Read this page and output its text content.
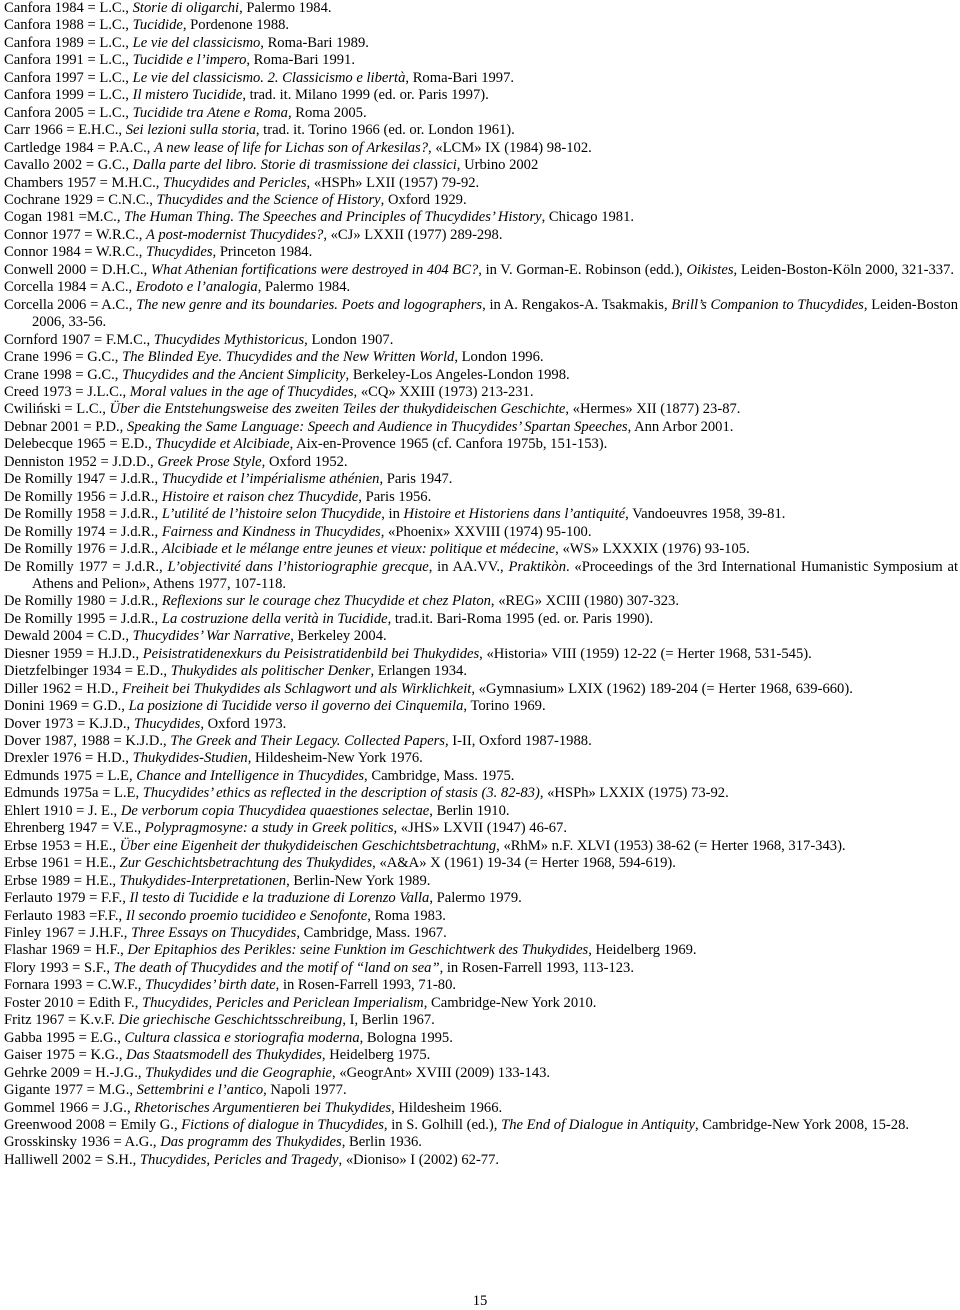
Canfora 1984 = L.C., Storie di oligarchi, Palermo 1984.

Canfora 1988 = L.C., Tucidide, Pordenone 1988.

Canfora 1989 = L.C., Le vie del classicismo, Roma-Bari 1989.

Canfora 1991 = L.C., Tucidide e l’impero, Roma-Bari 1991.

Canfora 1997 = L.C., Le vie del classicismo. 2. Classicismo e libertà, Roma-Bari 1997.

Canfora 1999 = L.C., Il mistero Tucidide, trad. it. Milano 1999 (ed. or. Paris 1997).

Canfora 2005 = L.C., Tucidide tra Atene e Roma, Roma 2005.

Carr 1966 = E.H.C., Sei lezioni sulla storia, trad. it. Torino 1966 (ed. or. London 1961).

Cartledge 1984 = P.A.C., A new lease of life for Lichas son of Arkesilas?, «LCM» IX (1984) 98-102.

Cavallo 2002 = G.C., Dalla parte del libro. Storie di trasmissione dei classici, Urbino 2002

Chambers 1957 = M.H.C., Thucydides and Pericles, «HSPh» LXII (1957) 79-92.

Cochrane 1929 = C.N.C., Thucydides and the Science of History, Oxford 1929.

Cogan 1981 =M.C., The Human Thing. The Speeches and Principles of Thucydides’ History, Chicago 1981.

Connor 1977 = W.R.C., A post-modernist Thucydides?, «CJ» LXXII (1977) 289-298.

Connor 1984 = W.R.C., Thucydides, Princeton 1984.

Conwell 2000 = D.H.C., What Athenian fortifications were destroyed in 404 BC?, in V. Gorman-E. Robinson (edd.), Oikistes, Leiden-Boston-Köln 2000, 321-337.

Corcella 1984 = A.C., Erodoto e l’analogia, Palermo 1984.

Corcella 2006 = A.C., The new genre and its boundaries. Poets and logographers, in A. Rengakos-A. Tsakmakis, Brill’s Companion to Thucydides, Leiden-Boston 2006, 33-56.

Cornford 1907 = F.M.C., Thucydides Mythistoricus, London 1907.

Crane 1996 = G.C., The Blinded Eye. Thucydides and the New Written World, London 1996.

Crane 1998 = G.C., Thucydides and the Ancient Simplicity, Berkeley-Los Angeles-London 1998.

Creed 1973 = J.L.C., Moral values in the age of Thucydides, «CQ» XXIII (1973) 213-231.

Cwiliński = L.C., Über die Entstehungsweise des zweiten Teiles der thukydideischen Geschichte, «Hermes» XII (1877) 23-87.

Debnar 2001 = P.D., Speaking the Same Language: Speech and Audience in Thucydides’ Spartan Speeches, Ann Arbor 2001.

Delebecque 1965 = E.D., Thucydide et Alcibiade, Aix-en-Provence 1965 (cf. Canfora 1975b, 151-153).

Denniston 1952 = J.D.D., Greek Prose Style, Oxford 1952.

De Romilly 1947 = J.d.R., Thucydide et l’impérialisme athénien, Paris 1947.

De Romilly 1956 = J.d.R., Histoire et raison chez Thucydide, Paris 1956.

De Romilly 1958 = J.d.R., L’utilité de l’histoire selon Thucydide, in Histoire et Historiens dans l’antiquité, Vandoeuvres 1958, 39-81.

De Romilly 1974 = J.d.R., Fairness and Kindness in Thucydides, «Phoenix» XXVIII (1974) 95-100.

De Romilly 1976 = J.d.R., Alcibiade et le mélange entre jeunes et vieux: politique et médecine, «WS» LXXXIX (1976) 93-105.

De Romilly 1977 = J.d.R., L’objectivité dans l’historiographie grecque, in AA.VV., Praktikòn. «Proceedings of the 3rd International Humanistic Symposium at Athens and Pelion», Athens 1977, 107-118.

De Romilly 1980 = J.d.R., Reflexions sur le courage chez Thucydide et chez Platon, «REG» XCIII (1980) 307-323.

De Romilly 1995 = J.d.R., La costruzione della verità in Tucidide, trad.it. Bari-Roma 1995 (ed. or. Paris 1990).

Dewald 2004 = C.D., Thucydides’ War Narrative, Berkeley 2004.

Diesner 1959 = H.J.D., Peisistratidenexkurs du Peisistratidenbild bei Thukydides, «Historia» VIII (1959) 12-22 (= Herter 1968, 531-545).

Dietzfelbinger 1934 = E.D., Thukydides als politischer Denker, Erlangen 1934.

Diller 1962 = H.D., Freiheit bei Thukydides als Schlagwort und als Wirklichkeit, «Gymnasium» LXIX (1962) 189-204 (= Herter 1968, 639-660).

Donini 1969 = G.D., La posizione di Tucidide verso il governo dei Cinquemila, Torino 1969.

Dover 1973 = K.J.D., Thucydides, Oxford 1973.

Dover 1987, 1988 = K.J.D., The Greek and Their Legacy. Collected Papers, I-II, Oxford 1987-1988.

Drexler 1976 = H.D., Thukydides-Studien, Hildesheim-New York 1976.

Edmunds 1975 = L.E, Chance and Intelligence in Thucydides, Cambridge, Mass. 1975.

Edmunds 1975a = L.E, Thucydides’ ethics as reflected in the description of stasis (3. 82-83), «HSPh» LXXIX (1975) 73-92.

Ehlert 1910 = J. E., De verborum copia Thucydidea quaestiones selectae, Berlin 1910.

Ehrenberg 1947 = V.E., Polypragmosyne: a study in Greek politics, «JHS» LXVII (1947) 46-67.

Erbse 1953 = H.E., Über eine Eigenheit der thukydideischen Geschichtsbetrachtung, «RhM» n.F. XLVI (1953) 38-62 (= Herter 1968, 317-343).

Erbse 1961 = H.E., Zur Geschichtsbetrachtung des Thukydides, «A&A» X (1961) 19-34 (= Herter 1968, 594-619).

Erbse 1989 = H.E., Thukydides-Interpretationen, Berlin-New York 1989.

Ferlauto 1979 = F.F., Il testo di Tucidide e la traduzione di Lorenzo Valla, Palermo 1979.

Ferlauto 1983 =F.F., Il secondo proemio tucidideo e Senofonte, Roma 1983.

Finley 1967 = J.H.F., Three Essays on Thucydides, Cambridge, Mass. 1967.

Flashar 1969 = H.F., Der Epitaphios des Perikles: seine Funktion im Geschichtwerk des Thukydides, Heidelberg 1969.

Flory 1993 = S.F., The death of Thucydides and the motif of “land on sea”, in Rosen-Farrell 1993, 113-123.

Fornara 1993 = C.W.F., Thucydides’ birth date, in Rosen-Farrell 1993, 71-80.

Foster 2010 = Edith F., Thucydides, Pericles and Periclean Imperialism, Cambridge-New York 2010.

Fritz 1967 = K.v.F. Die griechische Geschichtsschreibung, I, Berlin 1967.

Gabba 1995 = E.G., Cultura classica e storiografia moderna, Bologna 1995.

Gaiser 1975 = K.G., Das Staatsmodell des Thukydides, Heidelberg 1975.

Gehrke 2009 = H.-J.G., Thukydides und die Geographie, «GeogrAnt» XVIII (2009) 133-143.

Gigante 1977 = M.G., Settembrini e l’antico, Napoli 1977.

Gommel 1966 = J.G., Rhetorisches Argumentieren bei Thukydides, Hildesheim 1966.

Greenwood 2008 = Emily G., Fictions of dialogue in Thucydides, in S. Golhill (ed.), The End of Dialogue in Antiquity, Cambridge-New York 2008, 15-28.

Grosskinsky 1936 = A.G., Das programm des Thukydides, Berlin 1936.

Halliwell 2002 = S.H., Thucydides, Pericles and Tragedy, «Dioniso» I (2002) 62-77.

15
